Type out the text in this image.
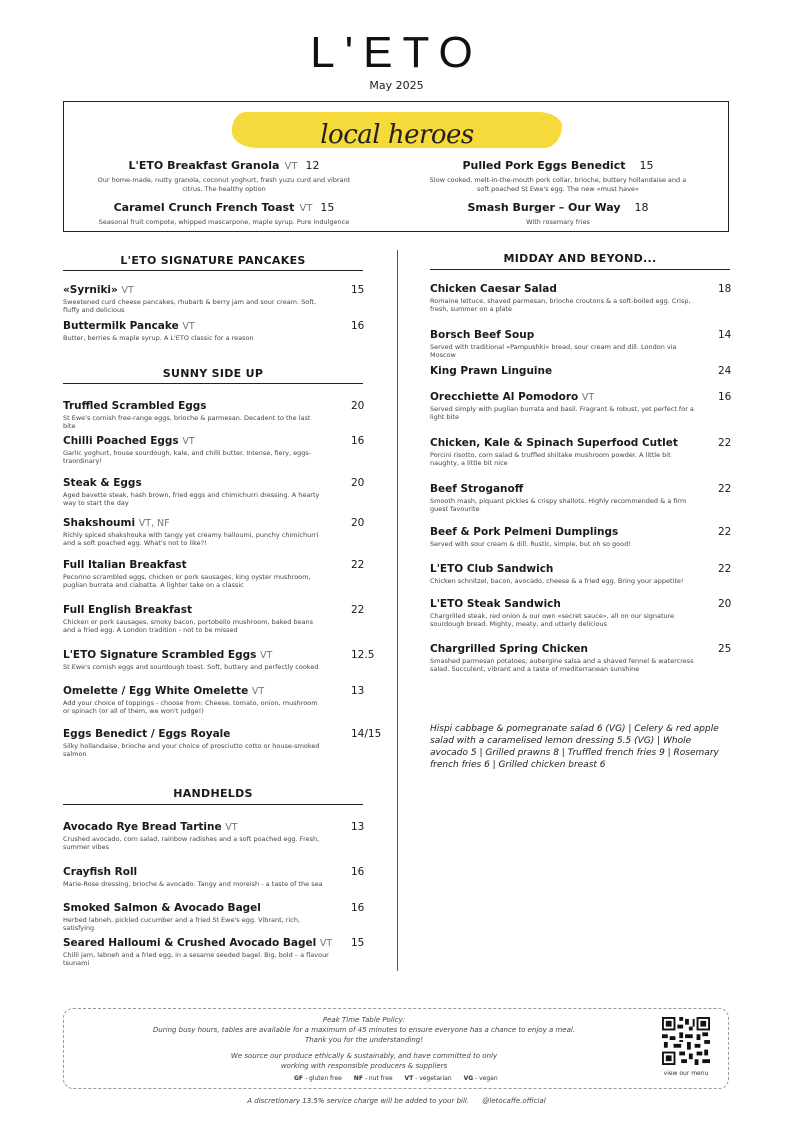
L'ETO
May 2025
local heroes
L'ETO Breakfast Granola VT 12
Our home-made, nutty granola, coconut yoghurt, fresh yuzu curd and vibrant citrus. The healthy option
Pulled Pork Eggs Benedict 15
Slow cooked, melt-in-the-mouth pork collar, brioche, buttery hollandaise and a soft poached St Ewe's egg. The new «must have»
Caramel Crunch French Toast VT 15
Seasonal fruit compote, whipped mascarpone, maple syrup. Pure indulgence
Smash Burger – Our Way 18
With rosemary fries
L'ETO SIGNATURE PANCAKES
«Syrniki» VT	15
Sweetened curd cheese pancakes, rhubarb & berry jam and sour cream. Soft, fluffy and delicious
Buttermilk Pancake VT	16
Butter, berries & maple syrup. A L'ETO classic for a reason
SUNNY SIDE UP
Truffled Scrambled Eggs	20
St Ewe's cornish free-range eggs, brioche & parmesan. Decadent to the last bite
Chilli Poached Eggs VT	16
Garlic yoghurt, house sourdough, kale, and chilli butter. Intense, fiery, eggs-traordinary!
Steak & Eggs	20
Aged bavette steak, hash brown, fried eggs and chimichurri dressing. A hearty way to start the day
Shakshoumi VT, NF	20
Richly spiced shakshouka with tangy yet creamy halloumi, punchy chimichurri and a soft poached egg. What's not to like?!
Full Italian Breakfast	22
Pecorino scrambled eggs, chicken or pork sausages, king oyster mushroom, puglian burrata and ciabatta. A lighter take on a classic
Full English Breakfast	22
Chicken or pork sausages, smoky bacon, portobello mushroom, baked beans and a fried egg. A London tradition - not to be missed
L'ETO Signature Scrambled Eggs VT	12.5
St Ewe's cornish eggs and sourdough toast. Soft, buttery and perfectly cooked
Omelette / Egg White Omelette VT	13
Add your choice of toppings - choose from: Cheese, tomato, onion, mushroom or spinach (or all of them, we won't judge!)
Eggs Benedict / Eggs Royale	14/15
Silky hollandaise, brioche and your choice of prosciutto cotto or house-smoked salmon
HANDHELDS
Avocado Rye Bread Tartine VT	13
Crushed avocado, corn salad, rainbow radishes and a soft poached egg. Fresh, summer vibes
Crayfish Roll	16
Marie-Rose dressing, brioche & avocado. Tangy and moreish - a taste of the sea
Smoked Salmon & Avocado Bagel	16
Herbed labneh, pickled cucumber and a fried St Ewe's egg. Vibrant, rich, satisfying
Seared Halloumi & Crushed Avocado Bagel VT	15
Chilli jam, labneh and a fried egg, in a sesame seeded bagel. Big, bold – a flavour tsunami
MIDDAY AND BEYOND...
Chicken Caesar Salad	18
Romaine lettuce, shaved parmesan, brioche croutons & a soft-boiled egg. Crisp, fresh, summer on a plate
Borsch Beef Soup	14
Served with traditional «Pampushki» bread, sour cream and dill. London via Moscow
King Prawn Linguine	24
Orecchiette Al Pomodoro VT	16
Served simply with puglian burrata and basil. Fragrant & robust, yet perfect for a light bite
Chicken, Kale & Spinach Superfood Cutlet	22
Porcini risotto, corn salad & truffled shiitake mushroom powder. A little bit naughty, a little bit nice
Beef Stroganoff	22
Smooth mash, piquant pickles & crispy shallots. Highly recommended & a firm guest favourite
Beef & Pork Pelmeni Dumplings	22
Served with sour cream & dill. Rustic, simple, but oh so good!
L'ETO Club Sandwich	22
Chicken schnitzel, bacon, avocado, cheese & a fried egg. Bring your appetite!
L'ETO Steak Sandwich	20
Chargrilled steak, red onion & our own «secret sauce», all on our signature sourdough bread. Mighty, meaty, and utterly delicious
Chargrilled Spring Chicken	25
Smashed parmesan potatoes, aubergine salsa and a shaved fennel & watercress salad. Succulent, vibrant and a taste of mediterranean sunshine
Hispi cabbage & pomegranate salad 6 (VG) | Celery & red apple salad with a caramelised lemon dressing 5.5 (VG) | Whole avocado 5 | Grilled prawns 8 | Truffled french fries 9 | Rosemary french fries 6 | Grilled chicken breast 6
Peak Time Table Policy:
During busy hours, tables are available for a maximum of 45 minutes to ensure everyone has a chance to enjoy a meal.
Thank you for the understanding!
We source our produce ethically & sustainably, and have committed to only
working with responsible producers & suppliers
GF - gluten free NF - nut free VT - vegetarian VG - vegan
view our menu
A discretionary 13.5% service charge will be added to your bill.      @letocaffe.official
